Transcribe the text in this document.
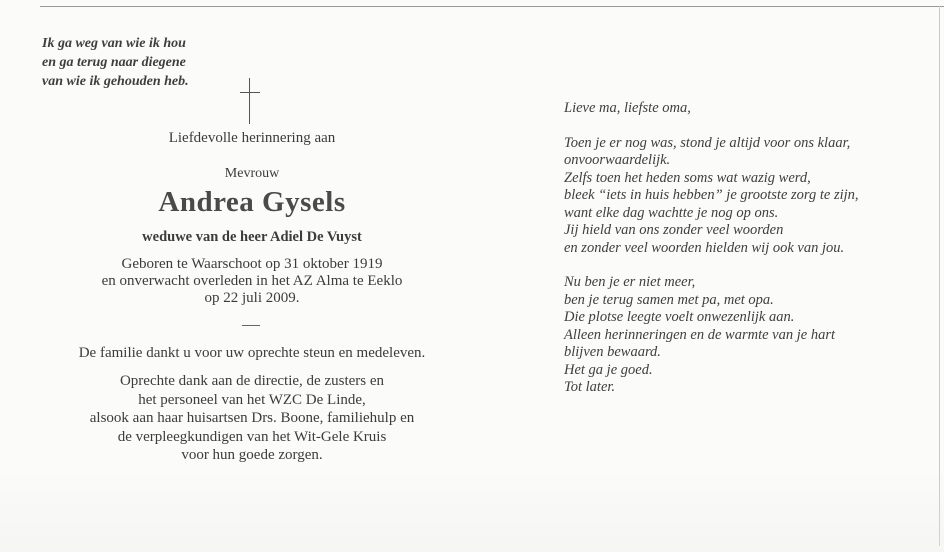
Ik ga weg van wie ik hou
en ga terug naar diegene
van wie ik gehouden heb.
Liefdevolle herinnering aan
Mevrouw
Andrea Gysels
weduwe van de heer Adiel De Vuyst
Geboren te Waarschoot op 31 oktober 1919
en onverwacht overleden in het AZ Alma te Eeklo
op 22 juli 2009.
De familie dankt u voor uw oprechte steun en medeleven.
Oprechte dank aan de directie, de zusters en
het personeel van het WZC De Linde,
alsook aan haar huisartsen Drs. Boone, familiehulp en
de verpleegkundigen van het Wit-Gele Kruis
voor hun goede zorgen.
Lieve ma, liefste oma,
Toen je er nog was, stond je altijd voor ons klaar,
onvoorwaardelijk.
Zelfs toen het heden soms wat wazig werd,
bleek “iets in huis hebben” je grootste zorg te zijn,
want elke dag wachtte je nog op ons.
Jij hield van ons zonder veel woorden
en zonder veel woorden hielden wij ook van jou.
Nu ben je er niet meer,
ben je terug samen met pa, met opa.
Die plotse leegte voelt onwezenlijk aan.
Alleen herinneringen en de warmte van je hart
blijven bewaard.
Het ga je goed.
Tot later.
